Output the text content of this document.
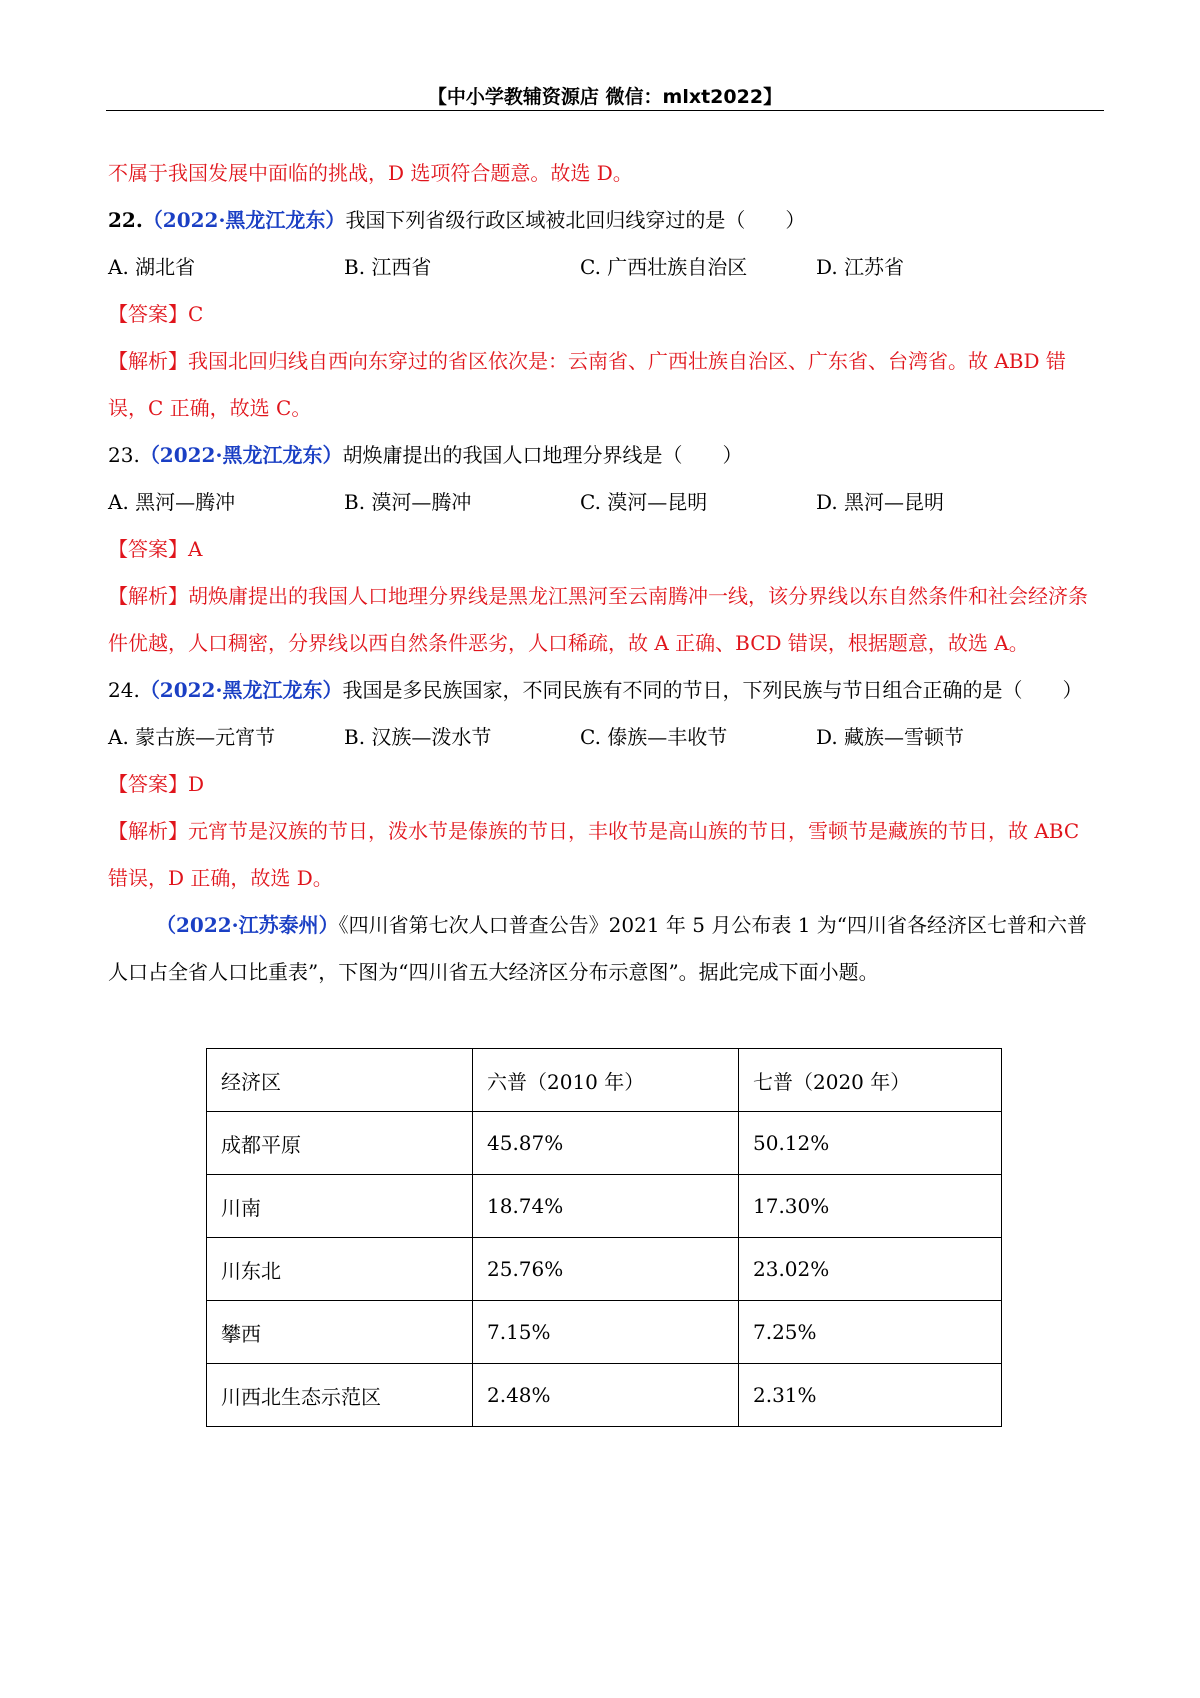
【中小学教辅资源店 微信：mlxt2022】
不属于我国发展中面临的挑战，D 选项符合题意。故选 D。
22.（2022·黑龙江龙东）我国下列省级行政区域被北回归线穿过的是（　　）
A. 湖北省	B. 江西省	C. 广西壮族自治区	D. 江苏省
【答案】C
【解析】我国北回归线自西向东穿过的省区依次是：云南省、广西壮族自治区、广东省、台湾省。故 ABD 错误，C 正确，故选 C。
23.（2022·黑龙江龙东）胡焕庸提出的我国人口地理分界线是（　　）
A. 黑河—腾冲	B. 漠河—腾冲	C. 漠河—昆明	D. 黑河—昆明
【答案】A
【解析】胡焕庸提出的我国人口地理分界线是黑龙江黑河至云南腾冲一线，该分界线以东自然条件和社会经济条件优越，人口稠密，分界线以西自然条件恶劣，人口稀疏，故 A 正确、BCD 错误，根据题意，故选 A。
24.（2022·黑龙江龙东）我国是多民族国家，不同民族有不同的节日，下列民族与节日组合正确的是（　　）
A. 蒙古族—元宵节	B. 汉族—泼水节	C. 傣族—丰收节	D. 藏族—雪顿节
【答案】D
【解析】元宵节是汉族的节日，泼水节是傣族的节日，丰收节是高山族的节日，雪顿节是藏族的节日，故 ABC 错误，D 正确，故选 D。
（2022·江苏泰州）《四川省第七次人口普查公告》2021 年 5 月公布表 1 为“四川省各经济区七普和六普人口占全省人口比重表”，下图为“四川省五大经济区分布示意图”。据此完成下面小题。
经济区	六普（2010 年）	七普（2020 年）
成都平原	45.87%	50.12%
川南	18.74%	17.30%
川东北	25.76%	23.02%
攀西	7.15%	7.25%
川西北生态示范区	2.48%	2.31%
